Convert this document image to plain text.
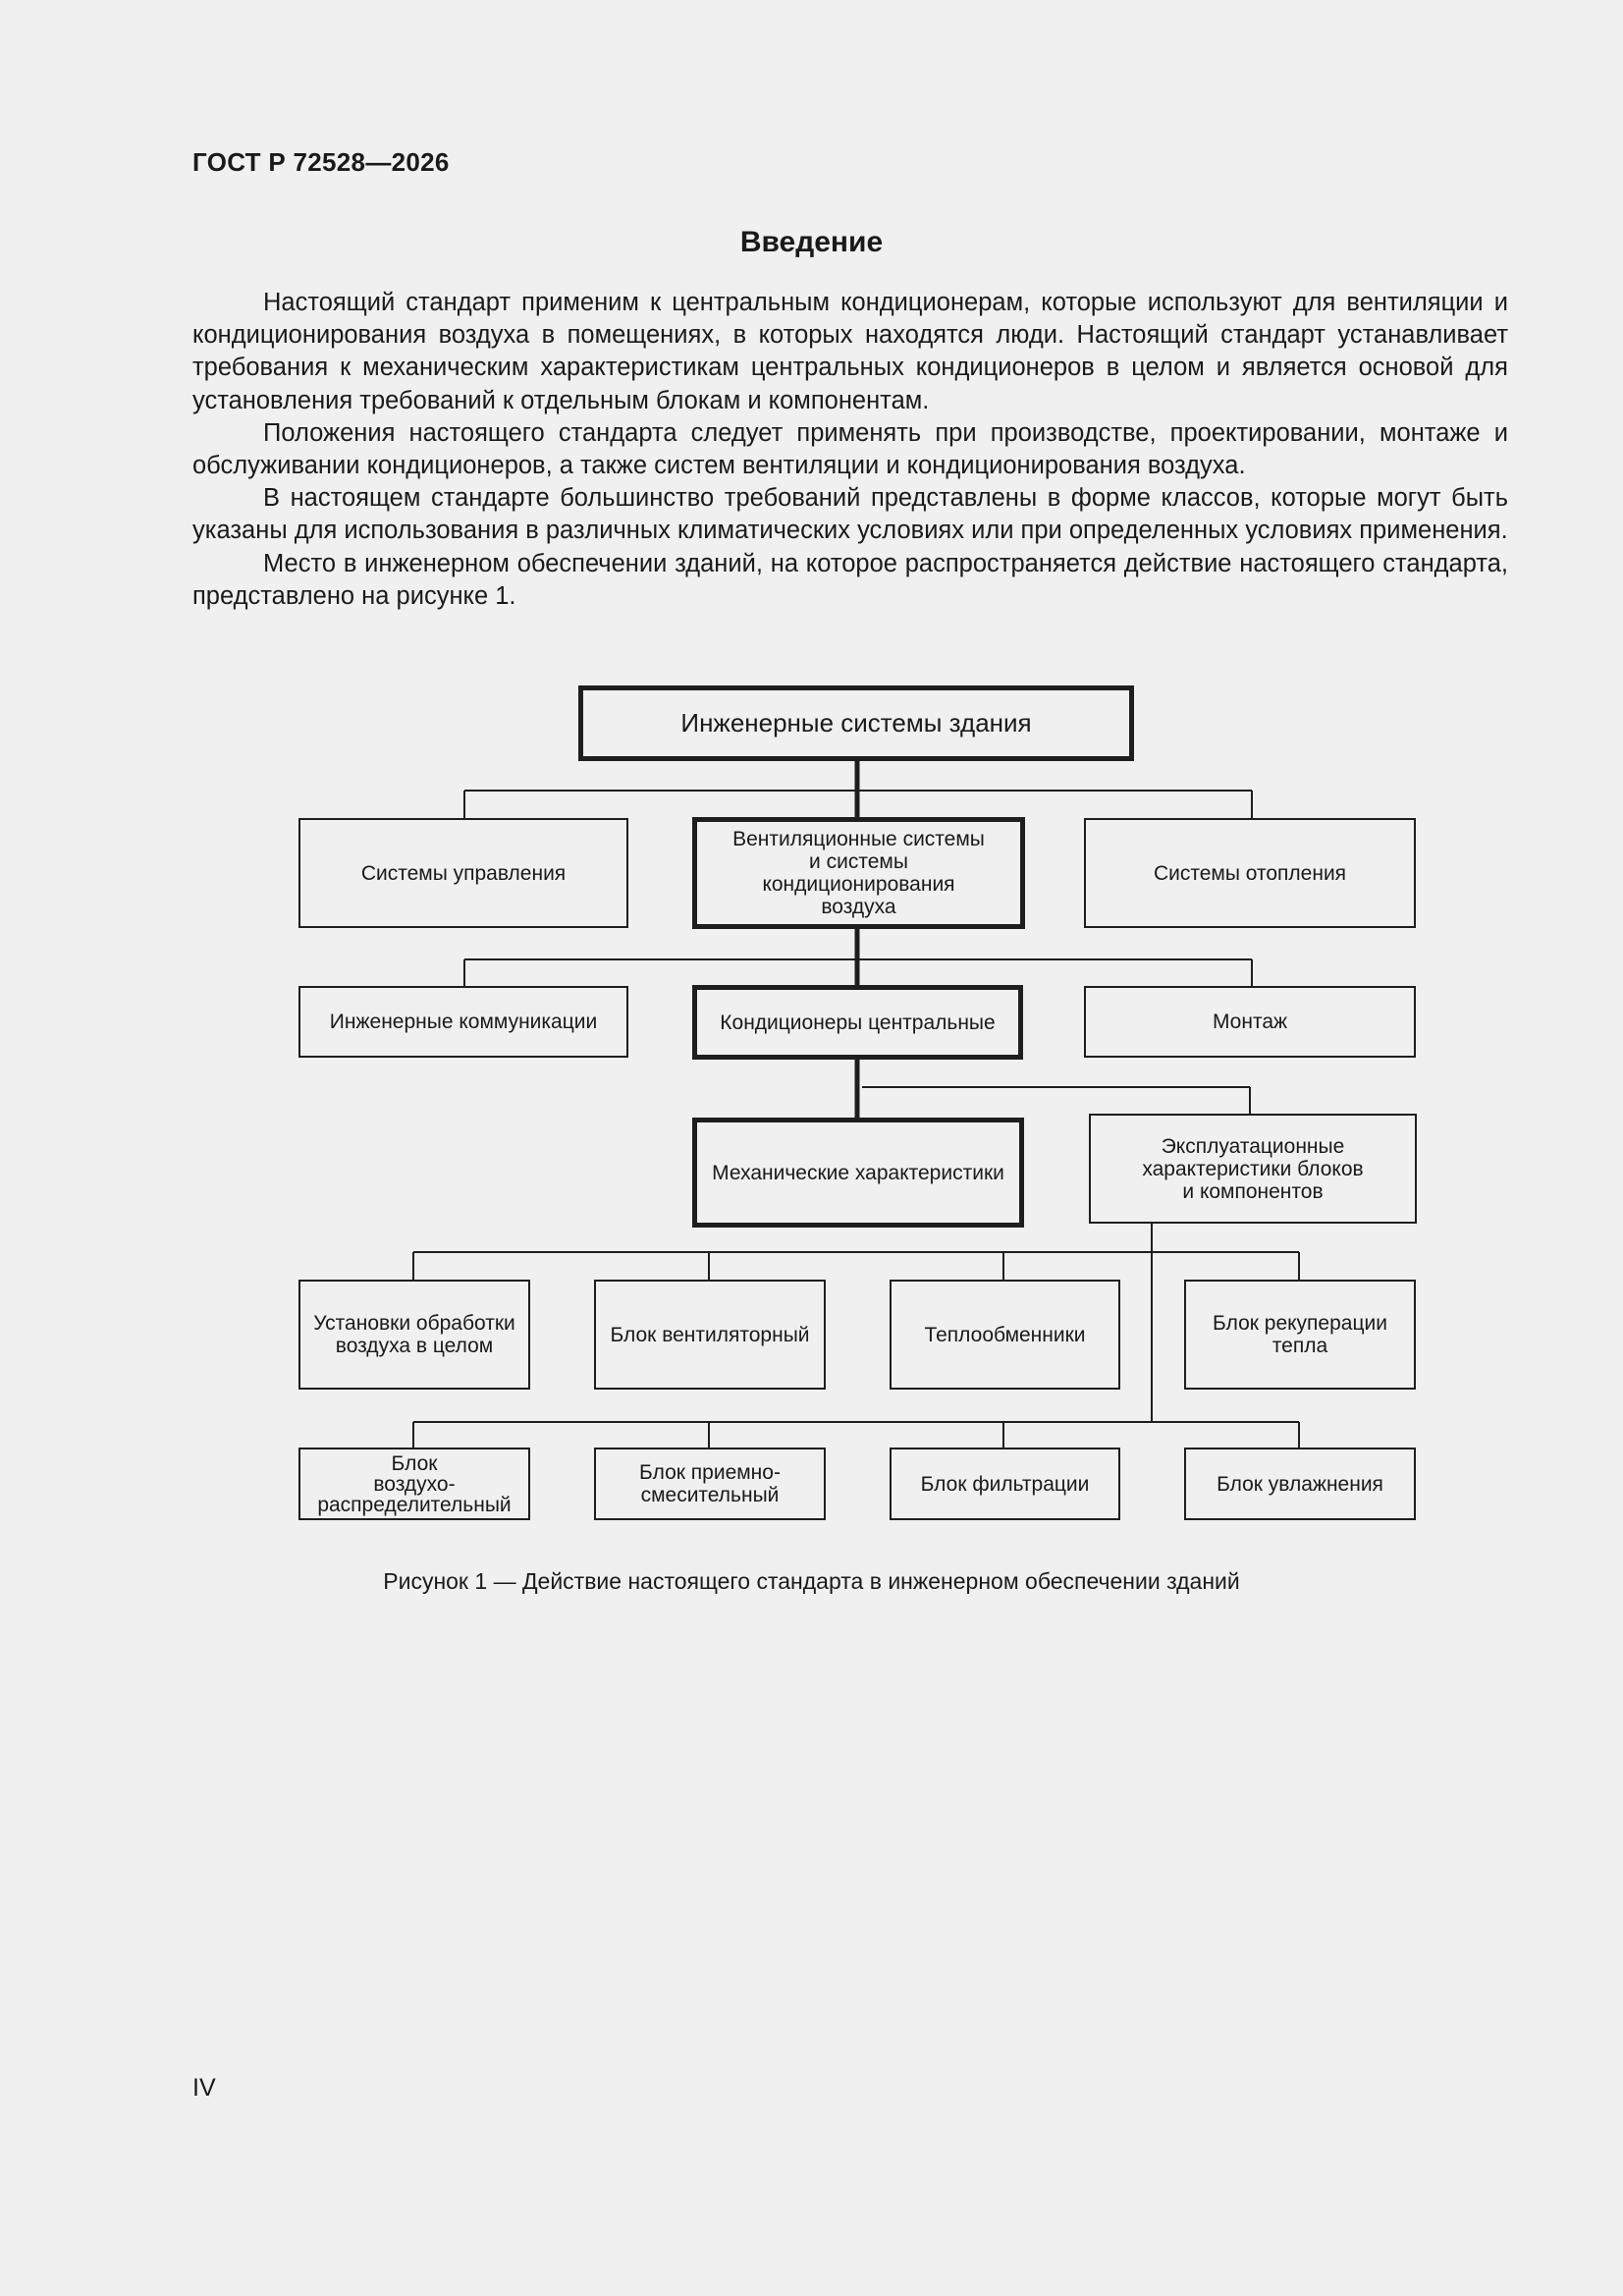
ГОСТ Р 72528—2026
Введение

Настоящий стандарт применим к центральным кондиционерам, которые используют для вентиляции и кондиционирования воздуха в помещениях, в которых находятся люди. Настоящий стандарт устанавливает требования к механическим характеристикам центральных кондиционеров в целом и является основой для установления требований к отдельным блокам и компонентам.

Положения настоящего стандарта следует применять при производстве, проектировании, монтаже и обслуживании кондиционеров, а также систем вентиляции и кондиционирования воздуха.

В настоящем стандарте большинство требований представлены в форме классов, которые могут быть указаны для использования в различных климатических условиях или при определенных условиях применения.

Место в инженерном обеспечении зданий, на которое распространяется действие настоящего стандарта, представлено на рисунке 1.

Инженерные системы здания
Системы управления
Вентиляционные системы
и системы
кондиционирования
воздуха
Системы отопления
Инженерные коммуникации	Кондиционеры центральные	Монтаж
Механические характеристики
Эксплуатационные
характеристики блоков
и компонентов
Установки обработки
воздуха в целом	Блок вентиляторный	Теплообменники	Блок рекуперации
тепла
Блок
воздухо-
распределительный
Блок приемно-
смесительный	Блок фильтрации	Блок увлажнения
Рисунок 1 — Действие настоящего стандарта в инженерном обеспечении зданий
IV
